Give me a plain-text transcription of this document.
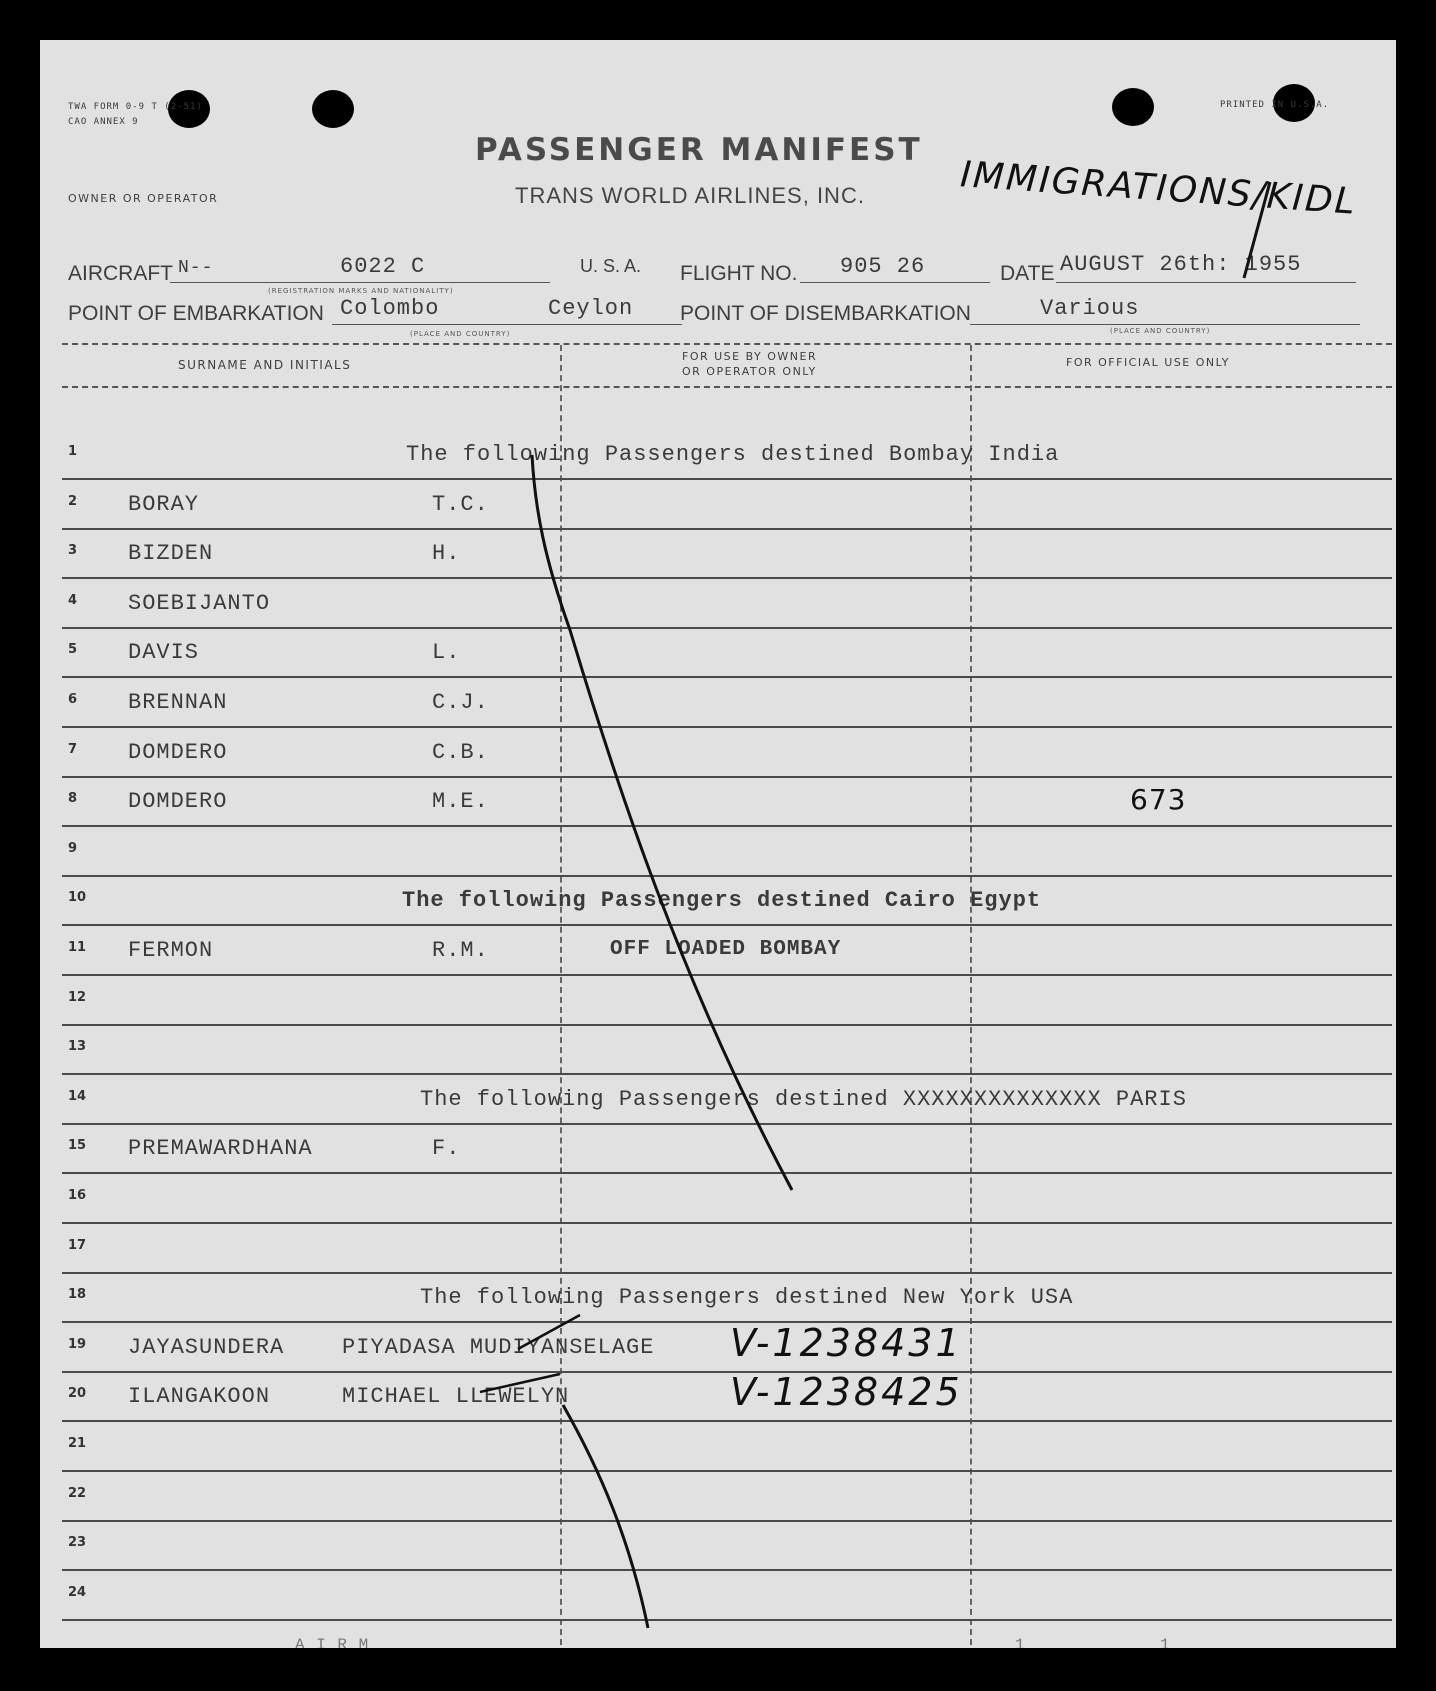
TWA FORM 0-9 T (2-51)
CAO ANNEX 9
PRINTED IN U.S.A.
OWNER OR OPERATOR
PASSENGER MANIFEST
TRANS WORLD AIRLINES, INC.	IMMIGRATIONS/KIDL
AIRCRAFT N--	6022 C
(REGISTRATION MARKS AND NATIONALITY)
U. S. A. FLIGHT NO. 905 26	DATE AUGUST 26th: 1955
POINT OF EMBARKATION Colombo	Ceylon
(PLACE AND COUNTRY)
POINT OF DISEMBARKATION	Various
(PLACE AND COUNTRY)
SURNAME AND INITIALS
FOR USE BY OWNER
OR OPERATOR ONLY
FOR OFFICIAL USE ONLY
1	The following Passengers destined Bombay India
2 BORAY	T.C.
3 BIZDEN	H.
4 SOEBIJANTO
5 DAVIS	L.
6 BRENNAN	C.J.
7 DOMDERO	C.B.
8 DOMDERO	M.E.	673
9
10	The following Passengers destined Cairo Egypt
11 FERMON	R.M.	OFF LOADED BOMBAY
12
13
14	The following Passengers destined XXXXXXXXXXXXXX PARIS
15 PREMAWARDHANA	F.
16
17
18	The following Passengers destined New York USA
19 JAYASUNDERA	PIYADASA MUDIYANSELAGE V-1238431
20 ILANGAKOON	MICHAEL LLEWELYN	V-1238425
21
22
23
24
A I R M	1	1
